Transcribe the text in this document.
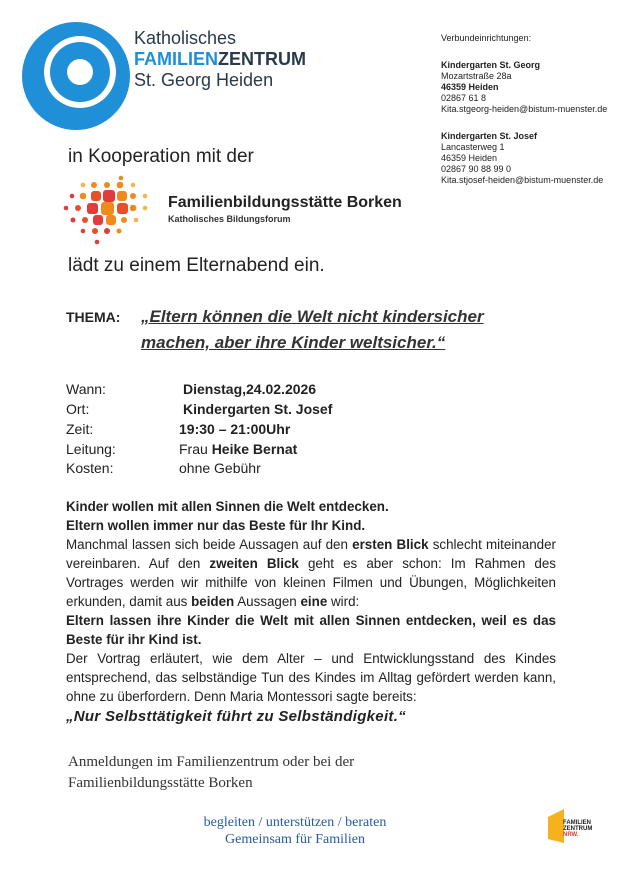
Katholisches
FAMILIENZENTRUM
St. Georg Heiden
Verbundeinrichtungen:
Kindergarten St. Georg
Mozartstraße 28a
46359 Heiden
02867 61 8
Kita.stgeorg-heiden@bistum-muenster.de
Kindergarten St. Josef
Lancasterweg 1
46359 Heiden
02867 90 88 99 0
Kita.stjosef-heiden@bistum-muenster.de
in Kooperation mit der
Familienbildungsstätte Borken
Katholisches Bildungsforum
lädt zu einem Elternabend ein.
THEMA: „Eltern können die Welt nicht kindersicher
machen, aber ihre Kinder weltsicher.“
Wann:	Dienstag,24.02.2026
Ort:	Kindergarten St. Josef
Zeit:	19:30 – 21:00Uhr
Leitung:	Frau Heike Bernat
Kosten:	ohne Gebühr

Kinder wollen mit allen Sinnen die Welt entdecken.

Eltern wollen immer nur das Beste für Ihr Kind.

Manchmal lassen sich beide Aussagen auf den ersten Blick schlecht miteinander vereinbaren. Auf den zweiten Blick geht es aber schon: Im Rahmen des Vortrages werden wir mithilfe von kleinen Filmen und Übungen, Möglichkeiten erkunden, damit aus beiden Aussagen eine wird:

Eltern lassen ihre Kinder die Welt mit allen Sinnen entdecken, weil es das Beste für ihr Kind ist.

Der Vortrag erläutert, wie dem Alter – und Entwicklungsstand des Kindes entsprechend, das selbständige Tun des Kindes im Alltag gefördert werden kann, ohne zu überfordern. Denn Maria Montessori sagte bereits:

„Nur Selbsttätigkeit führt zu Selbständigkeit.“

Anmeldungen im Familienzentrum oder bei der
Familienbildungsstätte Borken
begleiten / unterstützen / beraten
Gemeinsam für Familien
FAMILIEN
ZENTRUM
NRW.
